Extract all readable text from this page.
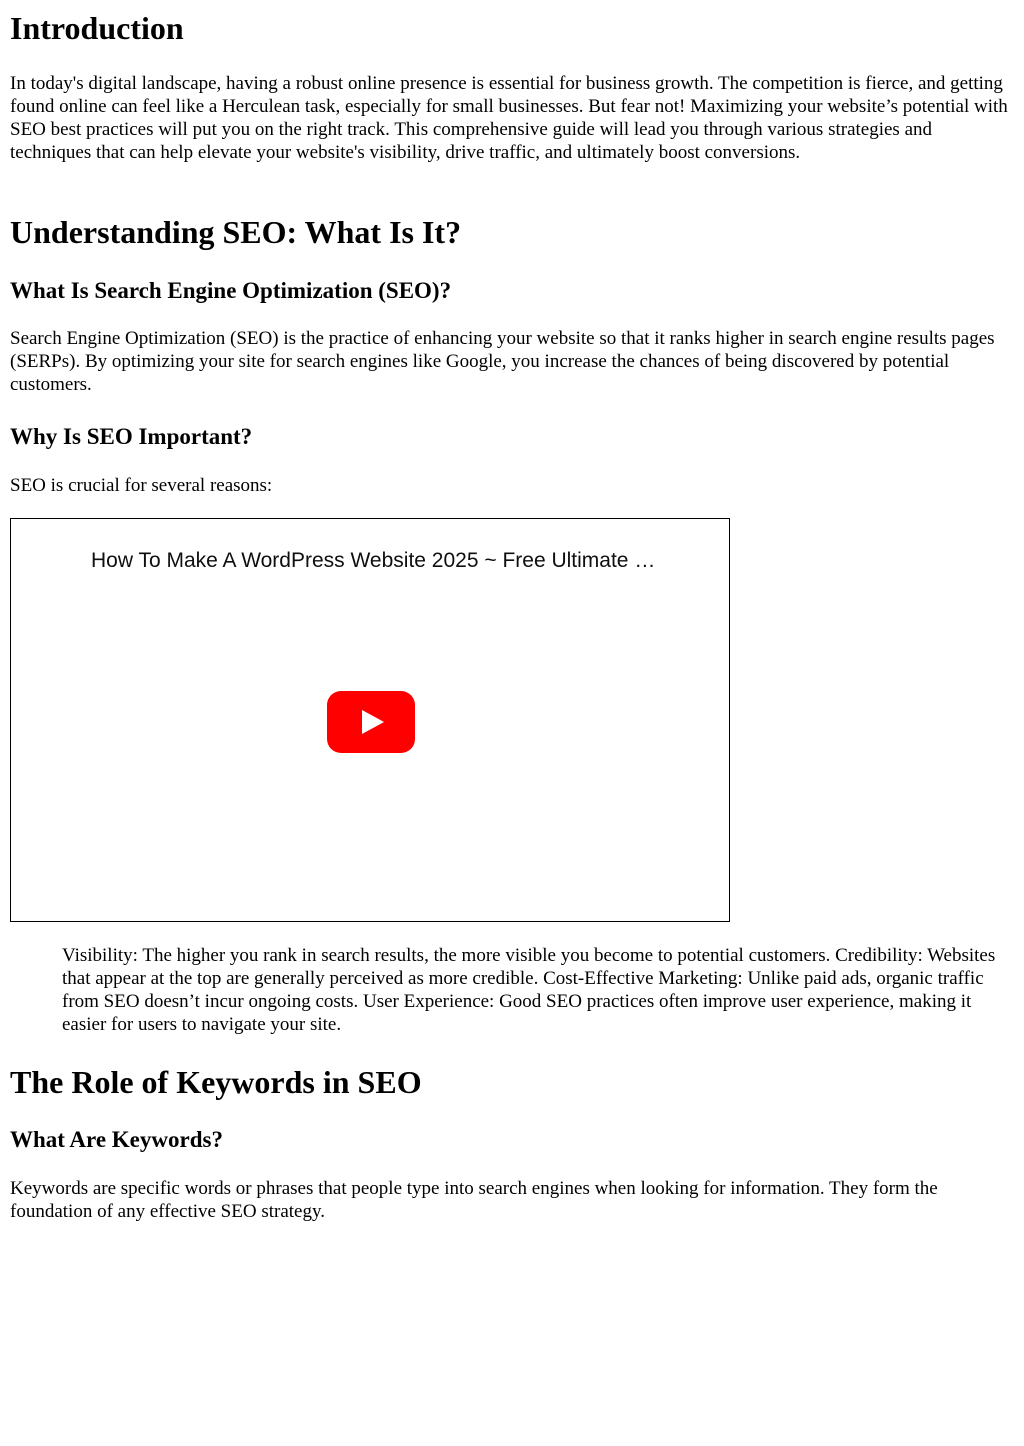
Introduction

In today's digital landscape, having a robust online presence is essential for business growth. The competition is fierce, and getting found online can feel like a Herculean task, especially for small businesses. But fear not! Maximizing your website’s potential with SEO best practices will put you on the right track. This comprehensive guide will lead you through various strategies and techniques that can help elevate your website's visibility, drive traffic, and ultimately boost conversions.

Understanding SEO: What Is It?
What Is Search Engine Optimization (SEO)?

Search Engine Optimization (SEO) is the practice of enhancing your website so that it ranks higher in search engine results pages (SERPs). By optimizing your site for search engines like Google, you increase the chances of being discovered by potential customers.

Why Is SEO Important?

SEO is crucial for several reasons:

How To Make A WordPress Website 2025 ~ Free Ultimate …

Visibility: The higher you rank in search results, the more visible you become to potential customers. Credibility: Websites that appear at the top are generally perceived as more credible. Cost-Effective Marketing: Unlike paid ads, organic traffic from SEO doesn’t incur ongoing costs. User Experience: Good SEO practices often improve user experience, making it easier for users to navigate your site.

The Role of Keywords in SEO
What Are Keywords?

Keywords are specific words or phrases that people type into search engines when looking for information. They form the foundation of any effective SEO strategy.
